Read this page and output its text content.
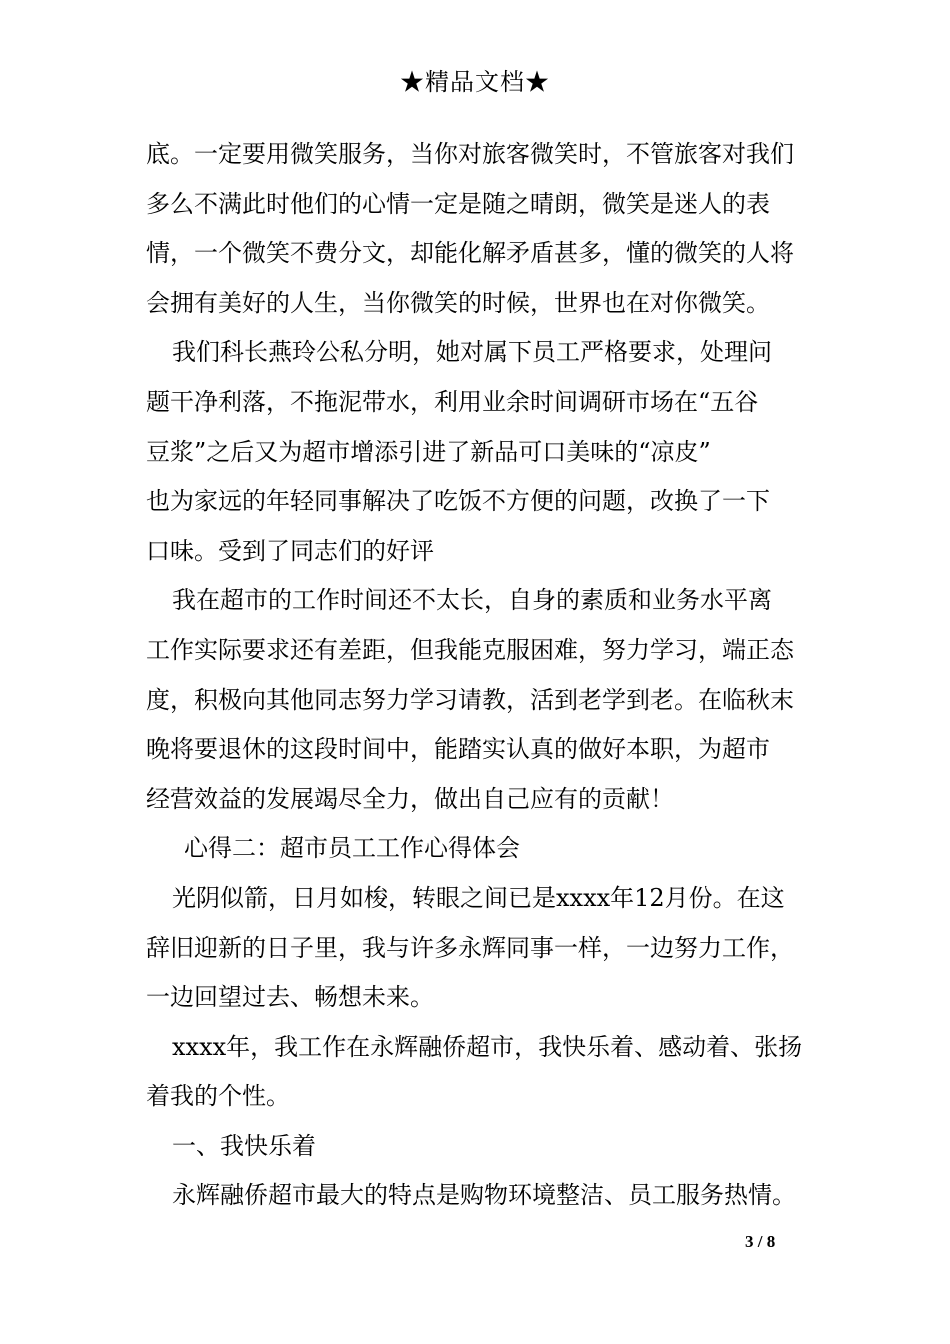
★精品文档★
底。一定要用微笑服务，当你对旅客微笑时，不管旅客对我们
多么不满此时他们的心情一定是随之晴朗，微笑是迷人的表
情，一个微笑不费分文，却能化解矛盾甚多，懂的微笑的人将
会拥有美好的人生，当你微笑的时候，世界也在对你微笑。
我们科长燕玲公私分明，她对属下员工严格要求，处理问
题干净利落，不拖泥带水，利用业余时间调研市场在“五谷
豆浆”之后又为超市增添引进了新品可口美味的“凉皮”
也为家远的年轻同事解决了吃饭不方便的问题，改换了一下
口味。受到了同志们的好评
我在超市的工作时间还不太长，自身的素质和业务水平离
工作实际要求还有差距，但我能克服困难，努力学习，端正态
度，积极向其他同志努力学习请教，活到老学到老。在临秋末
晚将要退休的这段时间中，能踏实认真的做好本职，为超市
经营效益的发展竭尽全力，做出自己应有的贡献！
心得二：超市员工工作心得体会
光阴似箭，日月如梭，转眼之间已是xxxx年12月份。在这
辞旧迎新的日子里，我与许多永辉同事一样，一边努力工作，
一边回望过去、畅想未来。
xxxx年，我工作在永辉融侨超市，我快乐着、感动着、张扬
着我的个性。
一、我快乐着
永辉融侨超市最大的特点是购物环境整洁、员工服务热情。
3 / 8
